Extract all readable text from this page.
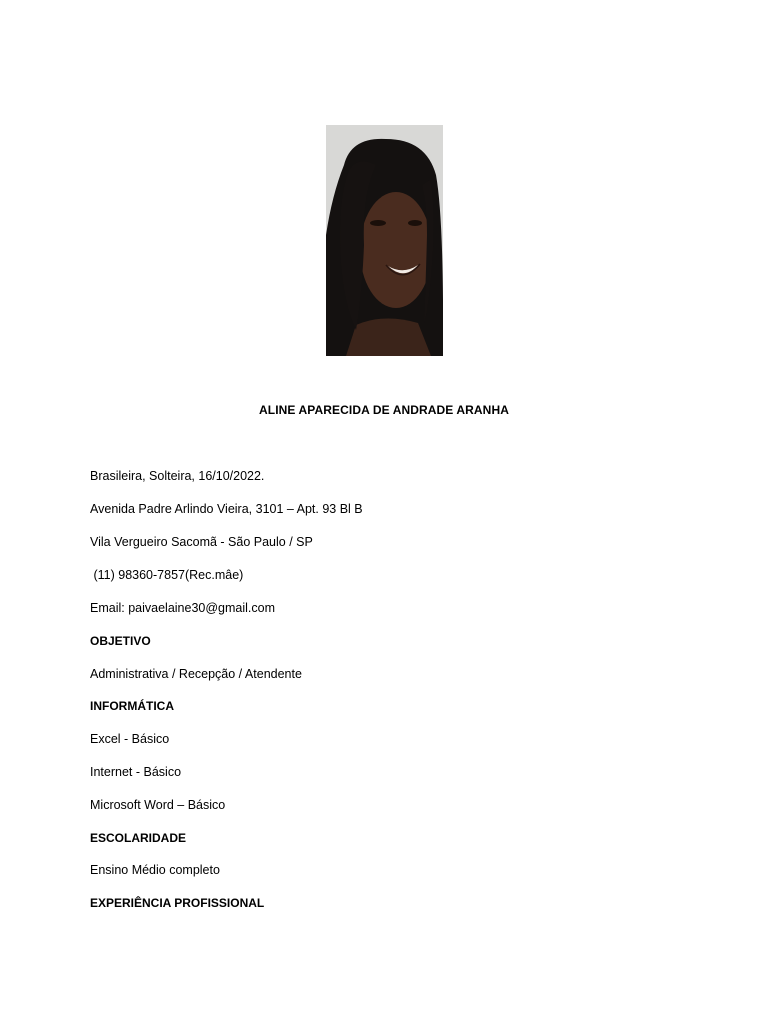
ALINE APARECIDA DE ANDRADE ARANHA
Brasileira, Solteira, 16/10/2022.
Avenida Padre Arlindo Vieira, 3101 – Apt. 93 Bl B
Vila Vergueiro Sacomã - São Paulo / SP
(11) 98360-7857(Rec.mâe)
Email: paivaelaine30@gmail.com
OBJETIVO
Administrativa / Recepção / Atendente
INFORMÁTICA
Excel - Básico
Internet - Básico
Microsoft Word – Básico
ESCOLARIDADE
Ensino Médio completo
EXPERIÊNCIA PROFISSIONAL
